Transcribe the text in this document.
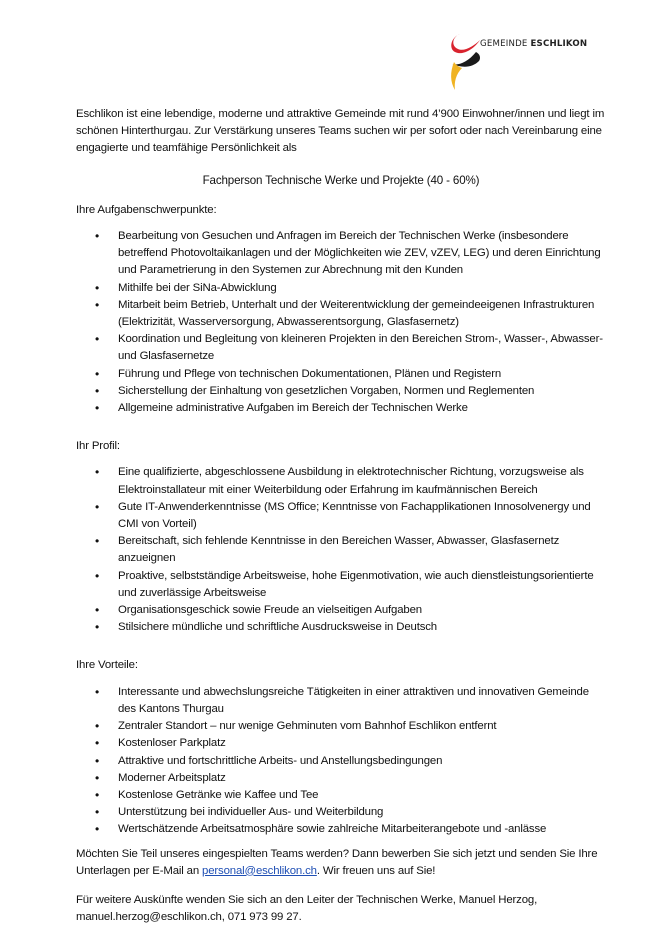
GEMEINDE ESCHLIKON

Eschlikon ist eine lebendige, moderne und attraktive Gemeinde mit rund 4’900 Einwohner/innen und liegt im schönen Hinterthurgau. Zur Verstärkung unseres Teams suchen wir per sofort oder nach Vereinbarung eine engagierte und teamfähige Persönlichkeit als

Fachperson Technische Werke und Projekte (40 - 60%)

Ihre Aufgabenschwerpunkte:

• Bearbeitung von Gesuchen und Anfragen im Bereich der Technischen Werke (insbesondere betreffend Photovoltaikanlagen und der Möglichkeiten wie ZEV, vZEV, LEG) und deren Einrichtung und Parametrierung in den Systemen zur Abrechnung mit den Kunden
• Mithilfe bei der SiNa-Abwicklung
• Mitarbeit beim Betrieb, Unterhalt und der Weiterentwicklung der gemeindeeigenen Infrastrukturen (Elektrizität, Wasserversorgung, Abwasserentsorgung, Glasfasernetz)
• Koordination und Begleitung von kleineren Projekten in den Bereichen Strom-, Wasser-, Abwasser- und Glasfasernetze
• Führung und Pflege von technischen Dokumentationen, Plänen und Registern
• Sicherstellung der Einhaltung von gesetzlichen Vorgaben, Normen und Reglementen
• Allgemeine administrative Aufgaben im Bereich der Technischen Werke

Ihr Profil:

• Eine qualifizierte, abgeschlossene Ausbildung in elektrotechnischer Richtung, vorzugsweise als Elektroinstallateur mit einer Weiterbildung oder Erfahrung im kaufmännischen Bereich
• Gute IT-Anwenderkenntnisse (MS Office; Kenntnisse von Fachapplikationen Innosolvenergy und CMI von Vorteil)
• Bereitschaft, sich fehlende Kenntnisse in den Bereichen Wasser, Abwasser, Glasfasernetz anzueignen
• Proaktive, selbstständige Arbeitsweise, hohe Eigenmotivation, wie auch dienstleistungsorientierte und zuverlässige Arbeitsweise
• Organisationsgeschick sowie Freude an vielseitigen Aufgaben
• Stilsichere mündliche und schriftliche Ausdrucksweise in Deutsch

Ihre Vorteile:

• Interessante und abwechslungsreiche Tätigkeiten in einer attraktiven und innovativen Gemeinde des Kantons Thurgau
• Zentraler Standort – nur wenige Gehminuten vom Bahnhof Eschlikon entfernt
• Kostenloser Parkplatz
• Attraktive und fortschrittliche Arbeits- und Anstellungsbedingungen
• Moderner Arbeitsplatz
• Kostenlose Getränke wie Kaffee und Tee
• Unterstützung bei individueller Aus- und Weiterbildung
• Wertschätzende Arbeitsatmosphäre sowie zahlreiche Mitarbeiterangebote und -anlässe

Möchten Sie Teil unseres eingespielten Teams werden? Dann bewerben Sie sich jetzt und senden Sie Ihre Unterlagen per E-Mail an personal@eschlikon.ch. Wir freuen uns auf Sie!

Für weitere Auskünfte wenden Sie sich an den Leiter der Technischen Werke, Manuel Herzog, manuel.herzog@eschlikon.ch, 071 973 99 27.
